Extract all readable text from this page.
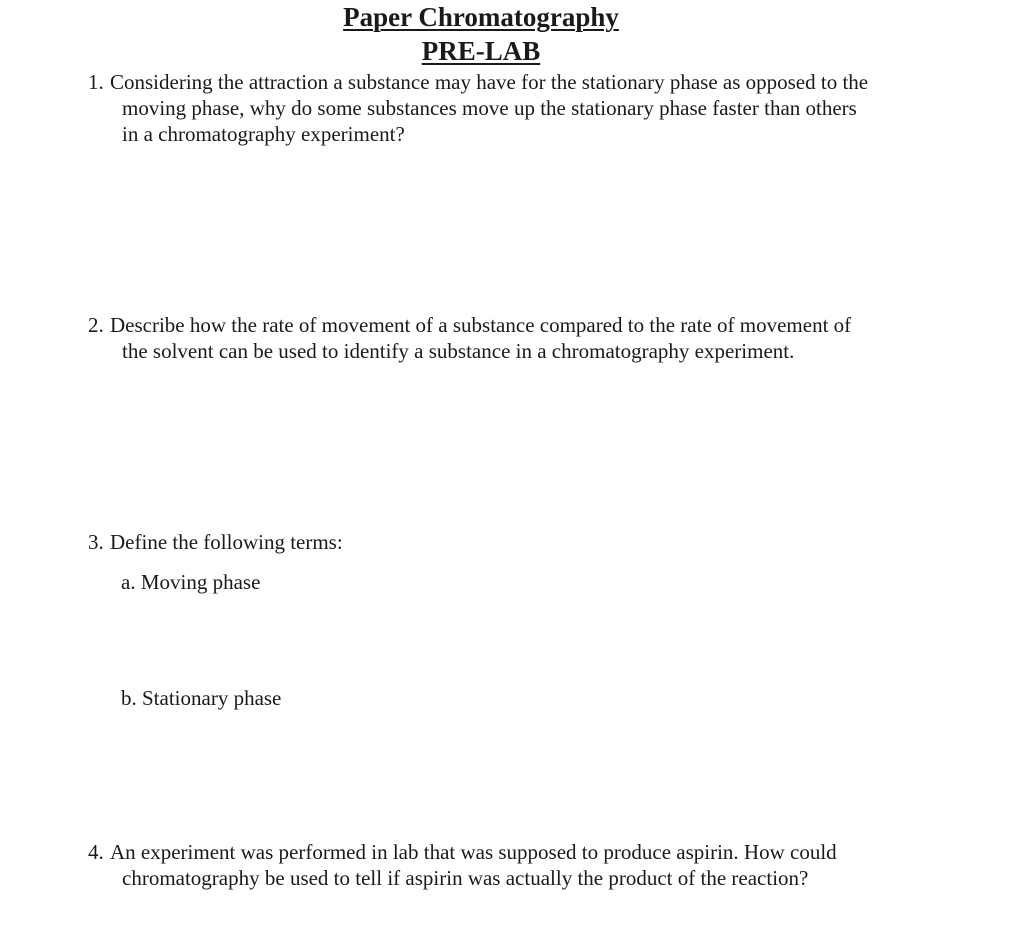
Paper Chromatography
PRE-LAB
1. Considering the attraction a substance may have for the stationary phase as opposed to the
moving phase, why do some substances move up the stationary phase faster than others
in a chromatography experiment?
2. Describe how the rate of movement of a substance compared to the rate of movement of
the solvent can be used to identify a substance in a chromatography experiment.
3. Define the following terms:
a. Moving phase
b. Stationary phase
4. An experiment was performed in lab that was supposed to produce aspirin. How could
chromatography be used to tell if aspirin was actually the product of the reaction?
